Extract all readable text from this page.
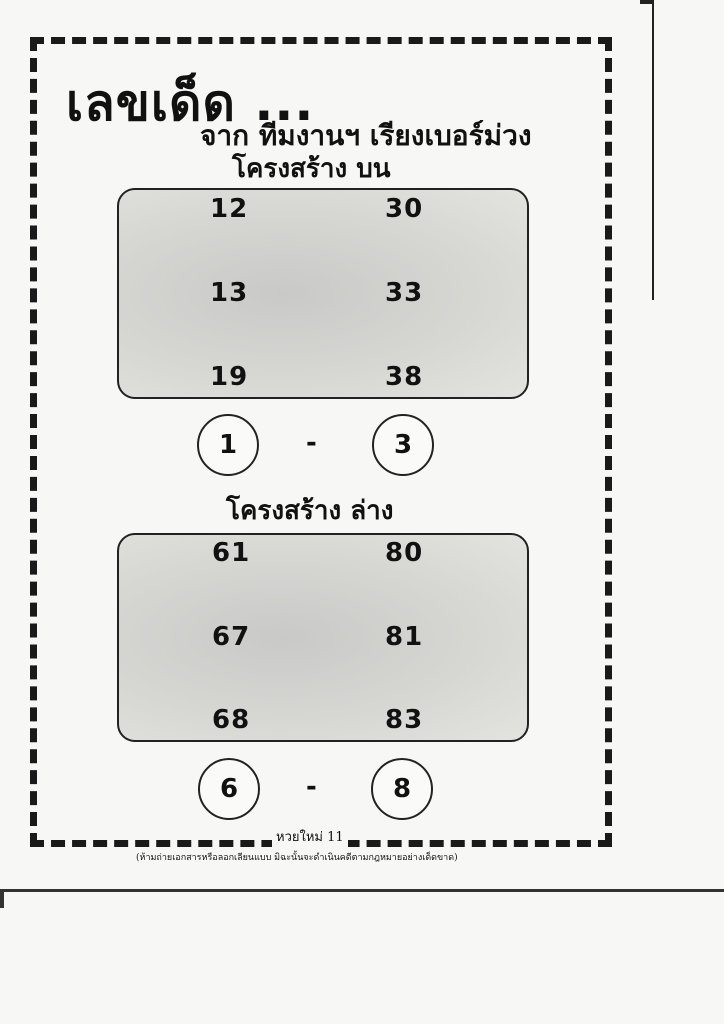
เลขเด็ด ...
จาก ทีมงานฯ เรียงเบอร์ม่วง
โครงสร้าง บน
12	30
13	33
19	38
1	-	3
โครงสร้าง ล่าง
61	80
67	81
68	83
6	-	8
หวยใหม่ 11
(ห้ามถ่ายเอกสารหรือลอกเลียนแบบ มิฉะนั้นจะดำเนินคดีตามกฎหมายอย่างเด็ดขาด)
